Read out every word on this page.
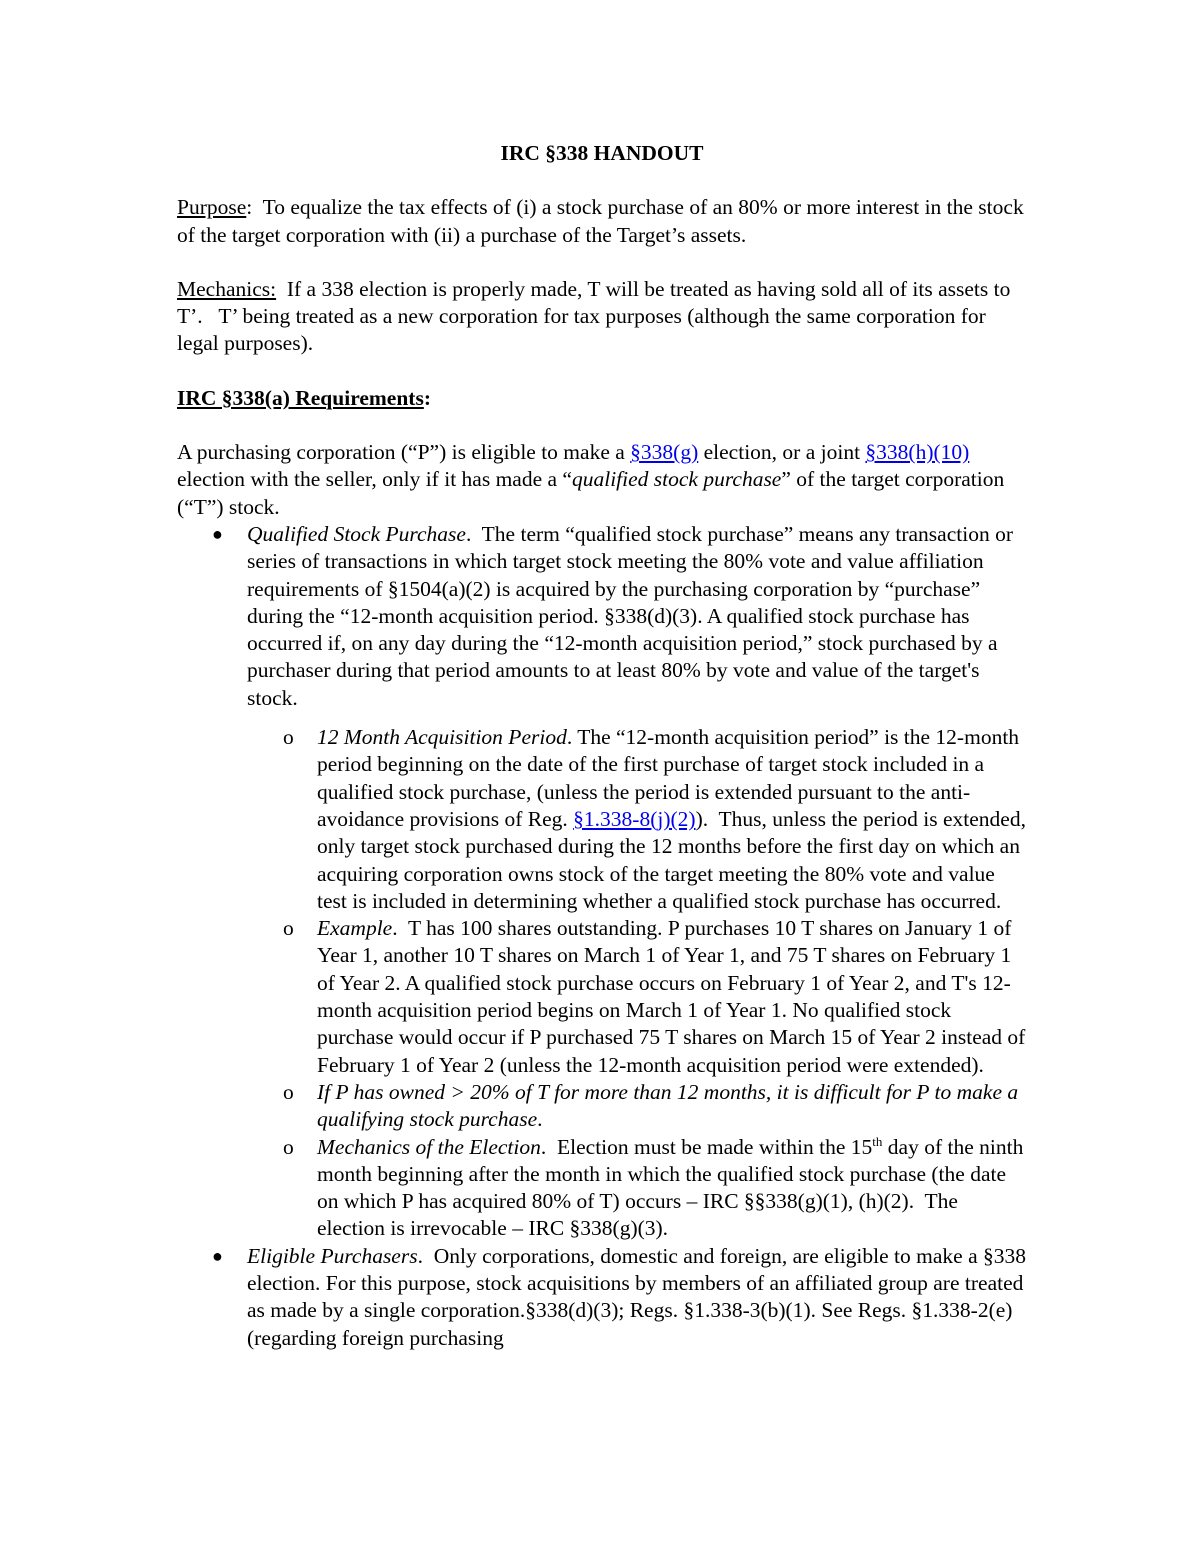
IRC §338 HANDOUT

Purpose:  To equalize the tax effects of (i) a stock purchase of an 80% or more interest in the stock of the target corporation with (ii) a purchase of the Target’s assets.

Mechanics:  If a 338 election is properly made, T will be treated as having sold all of its assets to T’.   T’ being treated as a new corporation for tax purposes (although the same corporation for legal purposes).

IRC §338(a) Requirements:

A purchasing corporation (“P”) is eligible to make a §338(g) election, or a joint §338(h)(10) election with the seller, only if it has made a “qualified stock purchase” of the target corporation (“T”) stock.

● Qualified Stock Purchase.  The term “qualified stock purchase” means any transaction or series of transactions in which target stock meeting the 80% vote and value affiliation requirements of §1504(a)(2) is acquired by the purchasing corporation by “purchase” during the “12-month acquisition period. §338(d)(3). A qualified stock purchase has occurred if, on any day during the “12-month acquisition period,” stock purchased by a purchaser during that period amounts to at least 80% by vote and value of the target's stock.
o 12 Month Acquisition Period. The “12-month acquisition period” is the 12-month period beginning on the date of the first purchase of target stock included in a qualified stock purchase, (unless the period is extended pursuant to the anti-avoidance provisions of Reg. §1.338-8(j)(2)).  Thus, unless the period is extended, only target stock purchased during the 12 months before the first day on which an acquiring corporation owns stock of the target meeting the 80% vote and value test is included in determining whether a qualified stock purchase has occurred.
o Example.  T has 100 shares outstanding. P purchases 10 T shares on January 1 of Year 1, another 10 T shares on March 1 of Year 1, and 75 T shares on February 1 of Year 2. A qualified stock purchase occurs on February 1 of Year 2, and T's 12-month acquisition period begins on March 1 of Year 1. No qualified stock purchase would occur if P purchased 75 T shares on March 15 of Year 2 instead of February 1 of Year 2 (unless the 12-month acquisition period were extended).
o If P has owned > 20% of T for more than 12 months, it is difficult for P to make a qualifying stock purchase.
o Mechanics of the Election.  Election must be made within the 15th day of the ninth month beginning after the month in which the qualified stock purchase (the date on which P has acquired 80% of T) occurs – IRC §§338(g)(1), (h)(2).  The election is irrevocable – IRC §338(g)(3).
● Eligible Purchasers.  Only corporations, domestic and foreign, are eligible to make a §338 election. For this purpose, stock acquisitions by members of an affiliated group are treated as made by a single corporation.§338(d)(3); Regs. §1.338-3(b)(1). See Regs. §1.338-2(e) (regarding foreign purchasing
